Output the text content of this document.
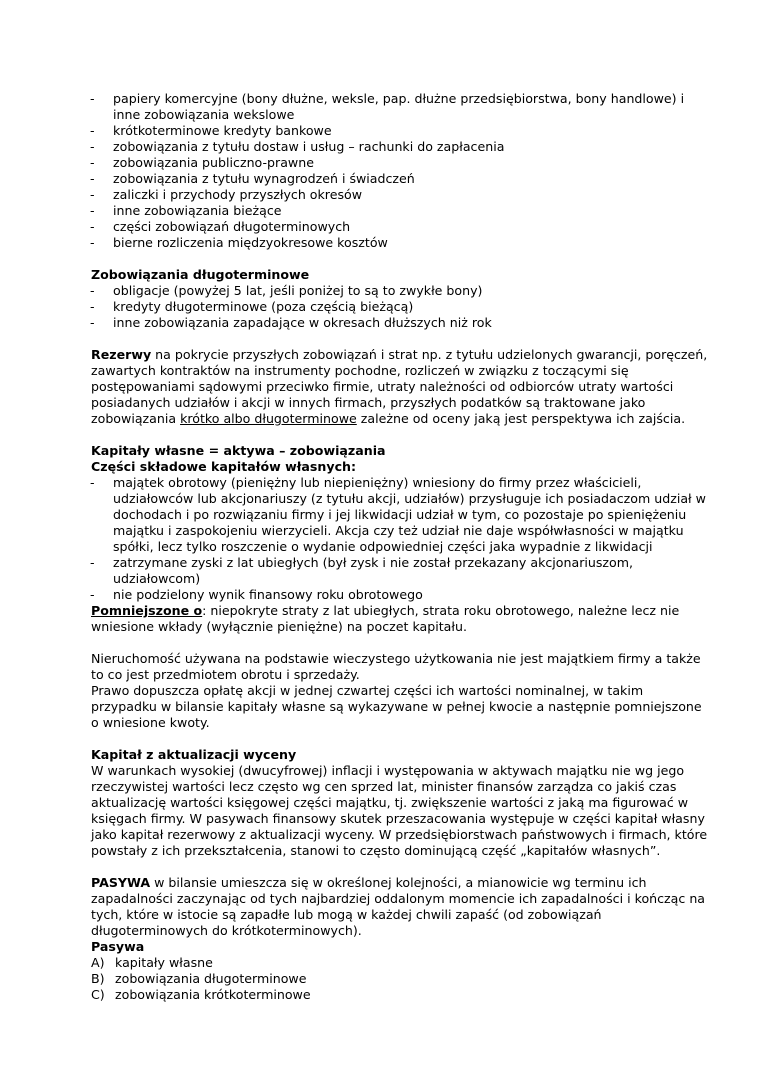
- papiery komercyjne (bony dłużne, weksle, pap. dłużne przedsiębiorstwa, bony handlowe) i inne zobowiązania wekslowe
- krótkoterminowe kredyty bankowe
- zobowiązania z tytułu dostaw i usług – rachunki do zapłacenia
- zobowiązania publiczno-prawne
- zobowiązania z tytułu wynagrodzeń i świadczeń
- zaliczki i przychody przyszłych okresów
- inne zobowiązania bieżące
- części zobowiązań długoterminowych
- bierne rozliczenia międzyokresowe kosztów

Zobowiązania długoterminowe

- obligacje (powyżej 5 lat, jeśli poniżej to są to zwykłe bony)
- kredyty długoterminowe (poza częścią bieżącą)
- inne zobowiązania zapadające w okresach dłuższych niż rok

Rezerwy na pokrycie przyszłych zobowiązań i strat np. z tytułu udzielonych gwarancji, poręczeń, zawartych kontraktów na instrumenty pochodne, rozliczeń w związku z toczącymi się postępowaniami sądowymi przeciwko firmie, utraty należności od odbiorców utraty wartości posiadanych udziałów i akcji w innych firmach, przyszłych podatków są traktowane jako zobowiązania krótko albo długoterminowe zależne od oceny jaką jest perspektywa ich zajścia.

Kapitały własne = aktywa – zobowiązania

Części składowe kapitałów własnych:

- majątek obrotowy (pieniężny lub niepieniężny) wniesiony do firmy przez właścicieli, udziałowców lub akcjonariuszy (z tytułu akcji, udziałów) przysługuje ich posiadaczom udział w dochodach i po rozwiązaniu firmy i jej likwidacji udział w tym, co pozostaje po spieniężeniu majątku i zaspokojeniu wierzycieli. Akcja czy też udział nie daje współwłasności w majątku spółki, lecz tylko roszczenie o wydanie odpowiedniej części jaka wypadnie z likwidacji
- zatrzymane zyski z lat ubiegłych (był zysk i nie został przekazany akcjonariuszom, udziałowcom)
- nie podzielony wynik finansowy roku obrotowego

Pomniejszone o: niepokryte straty z lat ubiegłych, strata roku obrotowego, należne lecz nie wniesione wkłady (wyłącznie pieniężne) na poczet kapitału.

Nieruchomość używana na podstawie wieczystego użytkowania nie jest majątkiem firmy a także to co jest przedmiotem obrotu i sprzedaży.

Prawo dopuszcza opłatę akcji w jednej czwartej części ich wartości nominalnej, w takim przypadku w bilansie kapitały własne są wykazywane w pełnej kwocie a następnie pomniejszone o wniesione kwoty.

Kapitał z aktualizacji wyceny

W warunkach wysokiej (dwucyfrowej) inflacji i występowania w aktywach majątku nie wg jego rzeczywistej wartości lecz często wg cen sprzed lat, minister finansów zarządza co jakiś czas aktualizację wartości księgowej części majątku, tj. zwiększenie wartości z jaką ma figurować w księgach firmy. W pasywach finansowy skutek przeszacowania występuje w części kapitał własny jako kapitał rezerwowy z aktualizacji wyceny. W przedsiębiorstwach państwowych i firmach, które powstały z ich przekształcenia, stanowi to często dominującą część „kapitałów własnych”.

PASYWA w bilansie umieszcza się w określonej kolejności, a mianowicie wg terminu ich zapadalności zaczynając od tych najbardziej oddalonym momencie ich zapadalności i kończąc na tych, które w istocie są zapadłe lub mogą w każdej chwili zapaść (od zobowiązań długoterminowych do krótkoterminowych).

Pasywa

A) kapitały własne
B) zobowiązania długoterminowe
C) zobowiązania krótkoterminowe
